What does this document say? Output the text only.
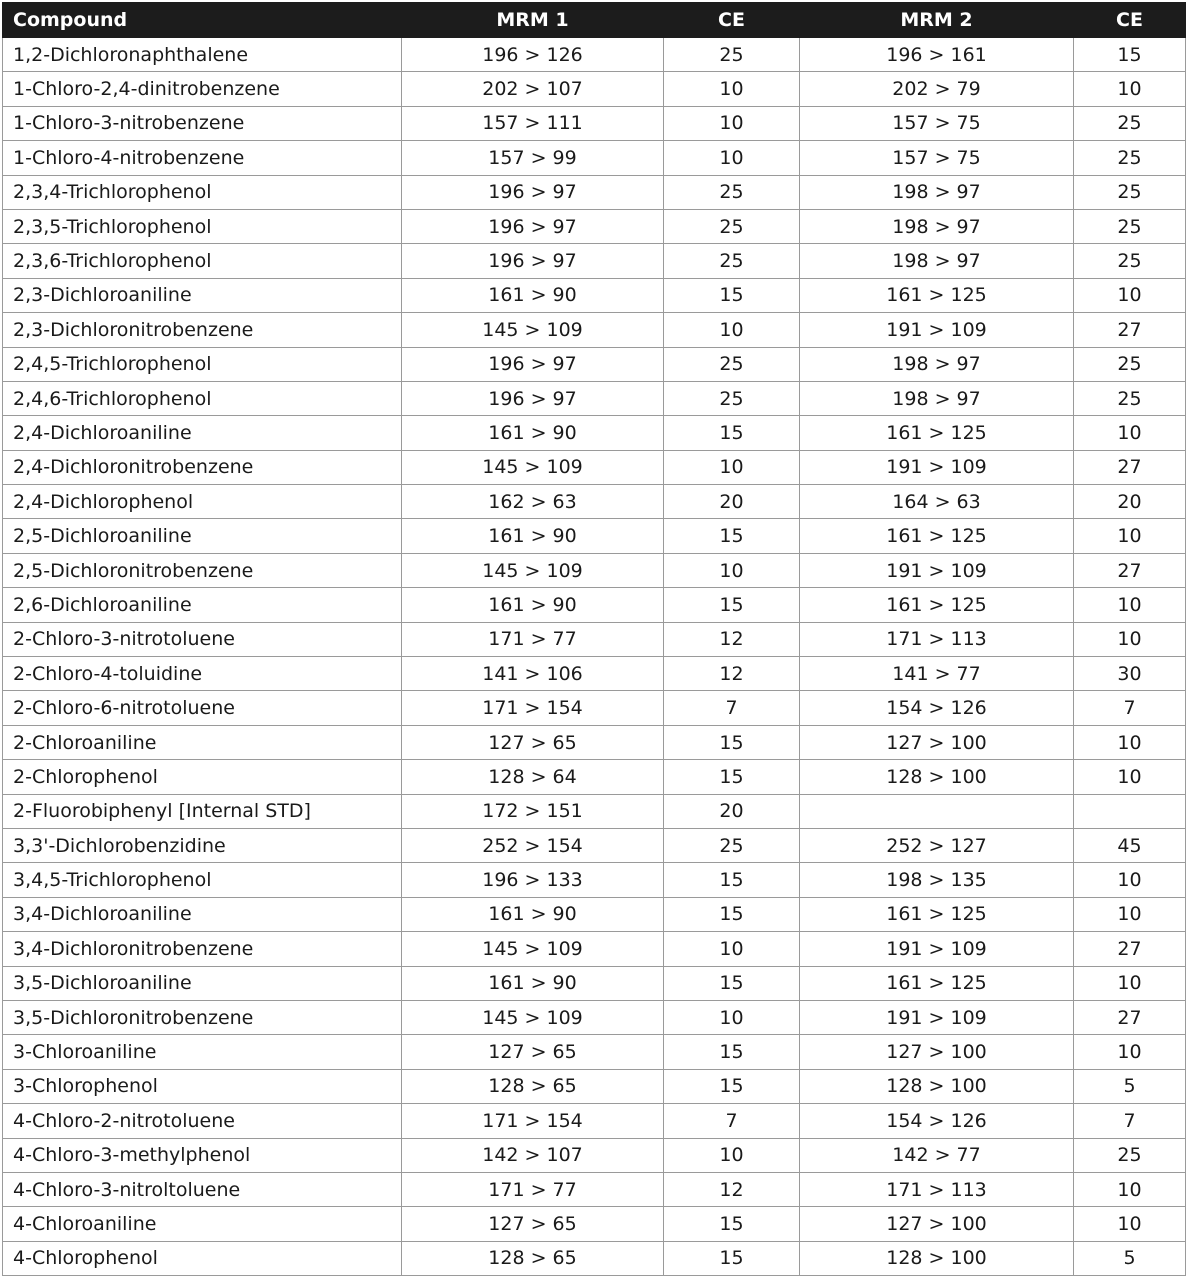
Compound	MRM 1	CE	MRM 2	CE
1,2-Dichloronaphthalene	196 > 126	25	196 > 161	15
1-Chloro-2,4-dinitrobenzene	202 > 107	10	202 > 79	10
1-Chloro-3-nitrobenzene	157 > 111	10	157 > 75	25
1-Chloro-4-nitrobenzene	157 > 99	10	157 > 75	25
2,3,4-Trichlorophenol	196 > 97	25	198 > 97	25
2,3,5-Trichlorophenol	196 > 97	25	198 > 97	25
2,3,6-Trichlorophenol	196 > 97	25	198 > 97	25
2,3-Dichloroaniline	161 > 90	15	161 > 125	10
2,3-Dichloronitrobenzene	145 > 109	10	191 > 109	27
2,4,5-Trichlorophenol	196 > 97	25	198 > 97	25
2,4,6-Trichlorophenol	196 > 97	25	198 > 97	25
2,4-Dichloroaniline	161 > 90	15	161 > 125	10
2,4-Dichloronitrobenzene	145 > 109	10	191 > 109	27
2,4-Dichlorophenol	162 > 63	20	164 > 63	20
2,5-Dichloroaniline	161 > 90	15	161 > 125	10
2,5-Dichloronitrobenzene	145 > 109	10	191 > 109	27
2,6-Dichloroaniline	161 > 90	15	161 > 125	10
2-Chloro-3-nitrotoluene	171 > 77	12	171 > 113	10
2-Chloro-4-toluidine	141 > 106	12	141 > 77	30
2-Chloro-6-nitrotoluene	171 > 154	7	154 > 126	7
2-Chloroaniline	127 > 65	15	127 > 100	10
2-Chlorophenol	128 > 64	15	128 > 100	10
2-Fluorobiphenyl [Internal STD]	172 > 151	20		
3,3'-Dichlorobenzidine	252 > 154	25	252 > 127	45
3,4,5-Trichlorophenol	196 > 133	15	198 > 135	10
3,4-Dichloroaniline	161 > 90	15	161 > 125	10
3,4-Dichloronitrobenzene	145 > 109	10	191 > 109	27
3,5-Dichloroaniline	161 > 90	15	161 > 125	10
3,5-Dichloronitrobenzene	145 > 109	10	191 > 109	27
3-Chloroaniline	127 > 65	15	127 > 100	10
3-Chlorophenol	128 > 65	15	128 > 100	5
4-Chloro-2-nitrotoluene	171 > 154	7	154 > 126	7
4-Chloro-3-methylphenol	142 > 107	10	142 > 77	25
4-Chloro-3-nitroltoluene	171 > 77	12	171 > 113	10
4-Chloroaniline	127 > 65	15	127 > 100	10
4-Chlorophenol	128 > 65	15	128 > 100	5
